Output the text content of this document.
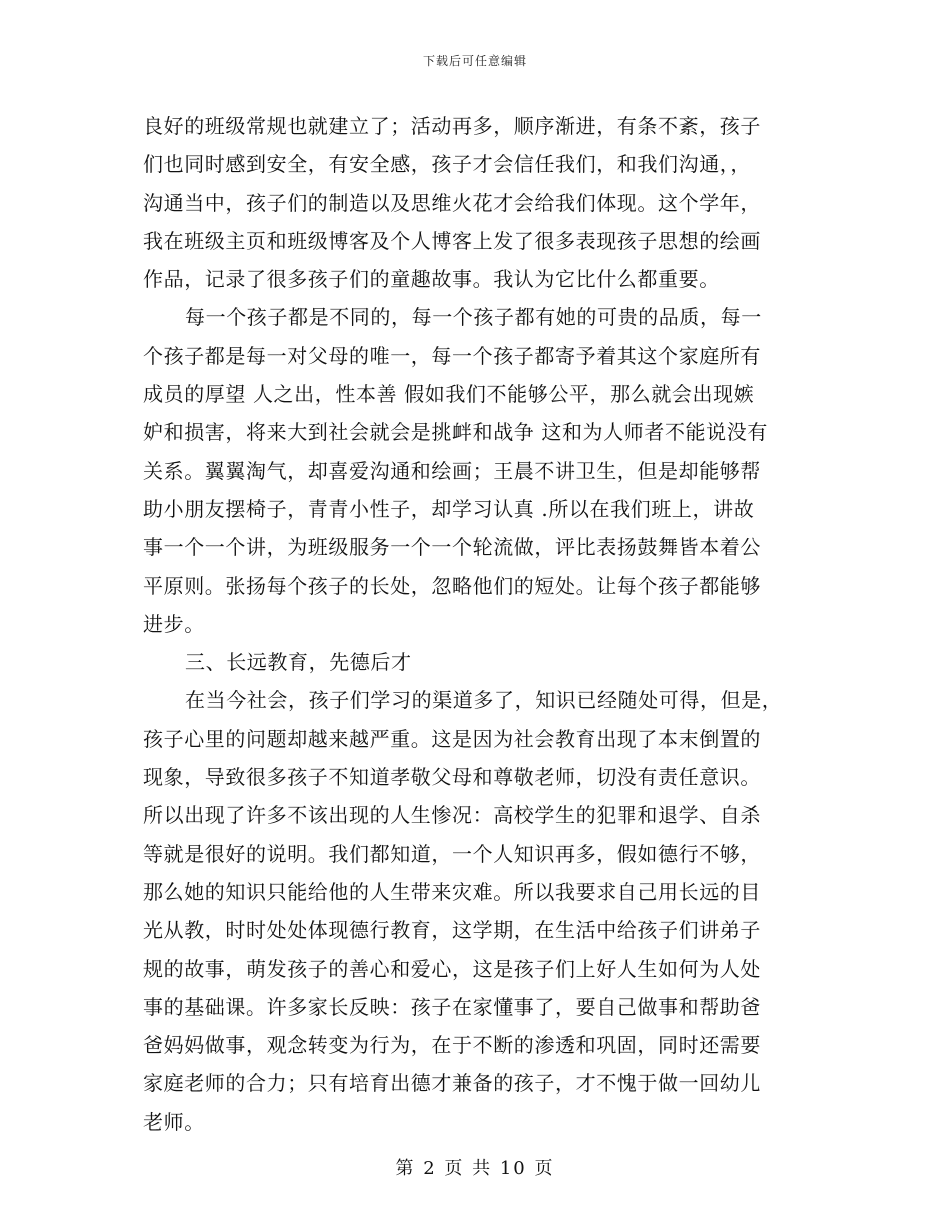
下载后可任意编辑
良好的班级常规也就建立了；活动再多，顺序渐进，有条不紊，孩子
们也同时感到安全，有安全感，孩子才会信任我们，和我们沟通，，
沟通当中，孩子们的制造以及思维火花才会给我们体现。这个学年，
我在班级主页和班级博客及个人博客上发了很多表现孩子思想的绘画
作品，记录了很多孩子们的童趣故事。我认为它比什么都重要。
每一个孩子都是不同的，每一个孩子都有她的可贵的品质，每一
个孩子都是每一对父母的唯一，每一个孩子都寄予着其这个家庭所有
成员的厚望 人之出，性本善 假如我们不能够公平，那么就会出现嫉
妒和损害，将来大到社会就会是挑衅和战争 这和为人师者不能说没有
关系。翼翼淘气，却喜爱沟通和绘画；王晨不讲卫生，但是却能够帮
助小朋友摆椅子，青青小性子，却学习认真 .所以在我们班上，讲故
事一个一个讲，为班级服务一个一个轮流做，评比表扬鼓舞皆本着公
平原则。张扬每个孩子的长处，忽略他们的短处。让每个孩子都能够
进步。
三、长远教育，先德后才
在当今社会，孩子们学习的渠道多了，知识已经随处可得，但是，
孩子心里的问题却越来越严重。这是因为社会教育出现了本末倒置的
现象，导致很多孩子不知道孝敬父母和尊敬老师，切没有责任意识。
所以出现了许多不该出现的人生惨况：高校学生的犯罪和退学、自杀
等就是很好的说明。我们都知道，一个人知识再多，假如德行不够，
那么她的知识只能给他的人生带来灾难。所以我要求自己用长远的目
光从教，时时处处体现德行教育，这学期，在生活中给孩子们讲弟子
规的故事，萌发孩子的善心和爱心，这是孩子们上好人生如何为人处
事的基础课。许多家长反映：孩子在家懂事了，要自己做事和帮助爸
爸妈妈做事，观念转变为行为，在于不断的渗透和巩固，同时还需要
家庭老师的合力；只有培育出德才兼备的孩子，才不愧于做一回幼儿
老师。
第 2 页 共 10 页
